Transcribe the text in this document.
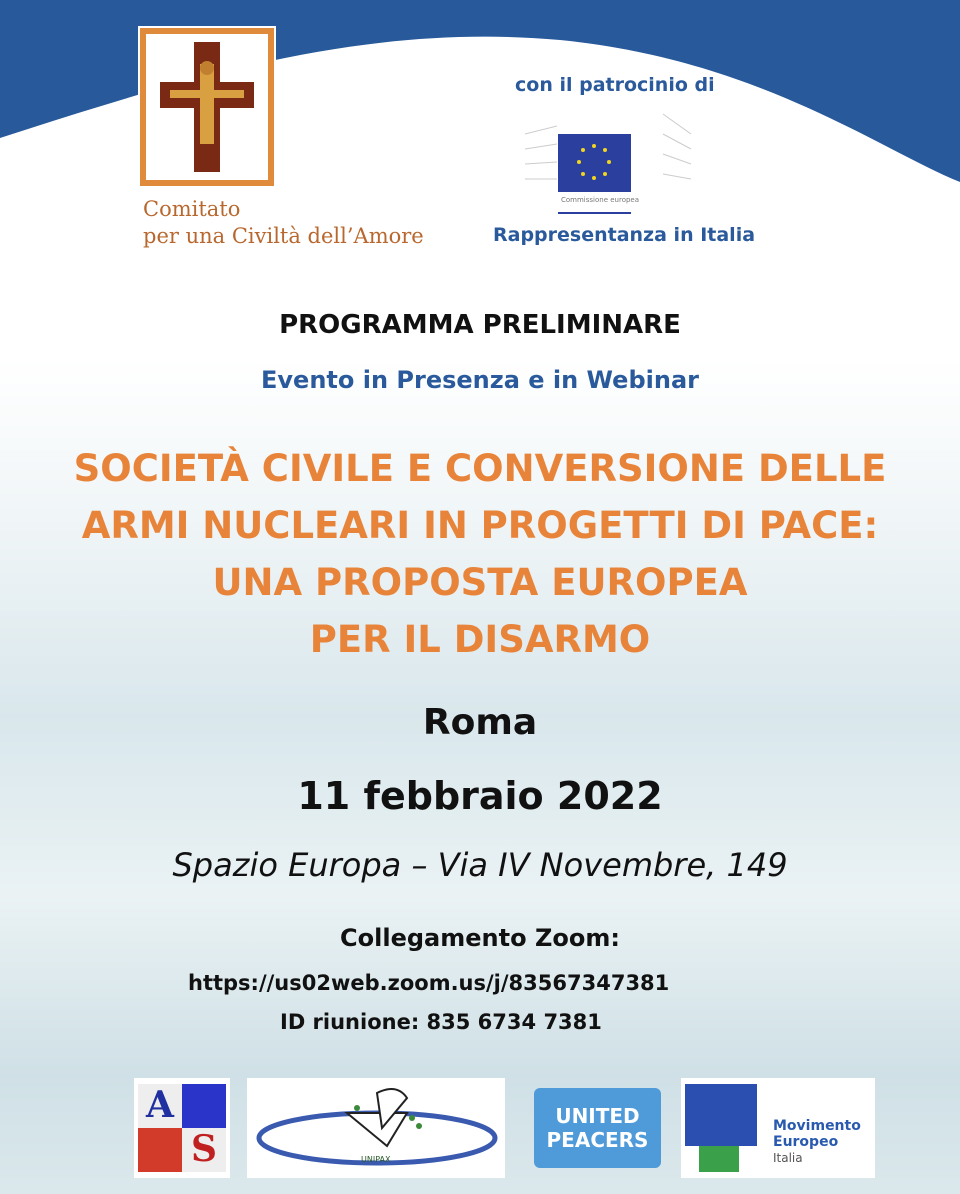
Comitato
per una Civiltà dell’Amore
con il patrocinio di
Commissione europea
Rappresentanza in Italia
PROGRAMMA PRELIMINARE
Evento in Presenza e in Webinar
SOCIETÀ CIVILE E CONVERSIONE DELLE
ARMI NUCLEARI IN PROGETTI DI PACE:
UNA PROPOSTA EUROPEA
PER IL DISARMO
Roma
11 febbraio 2022
Spazio Europa – Via IV Novembre, 149
Collegamento Zoom:
https://us02web.zoom.us/j/83567347381
ID riunione: 835 6734 7381
A
S	UNIPAX
UNITED PEACERS
Movimento
Europeo
Italia
